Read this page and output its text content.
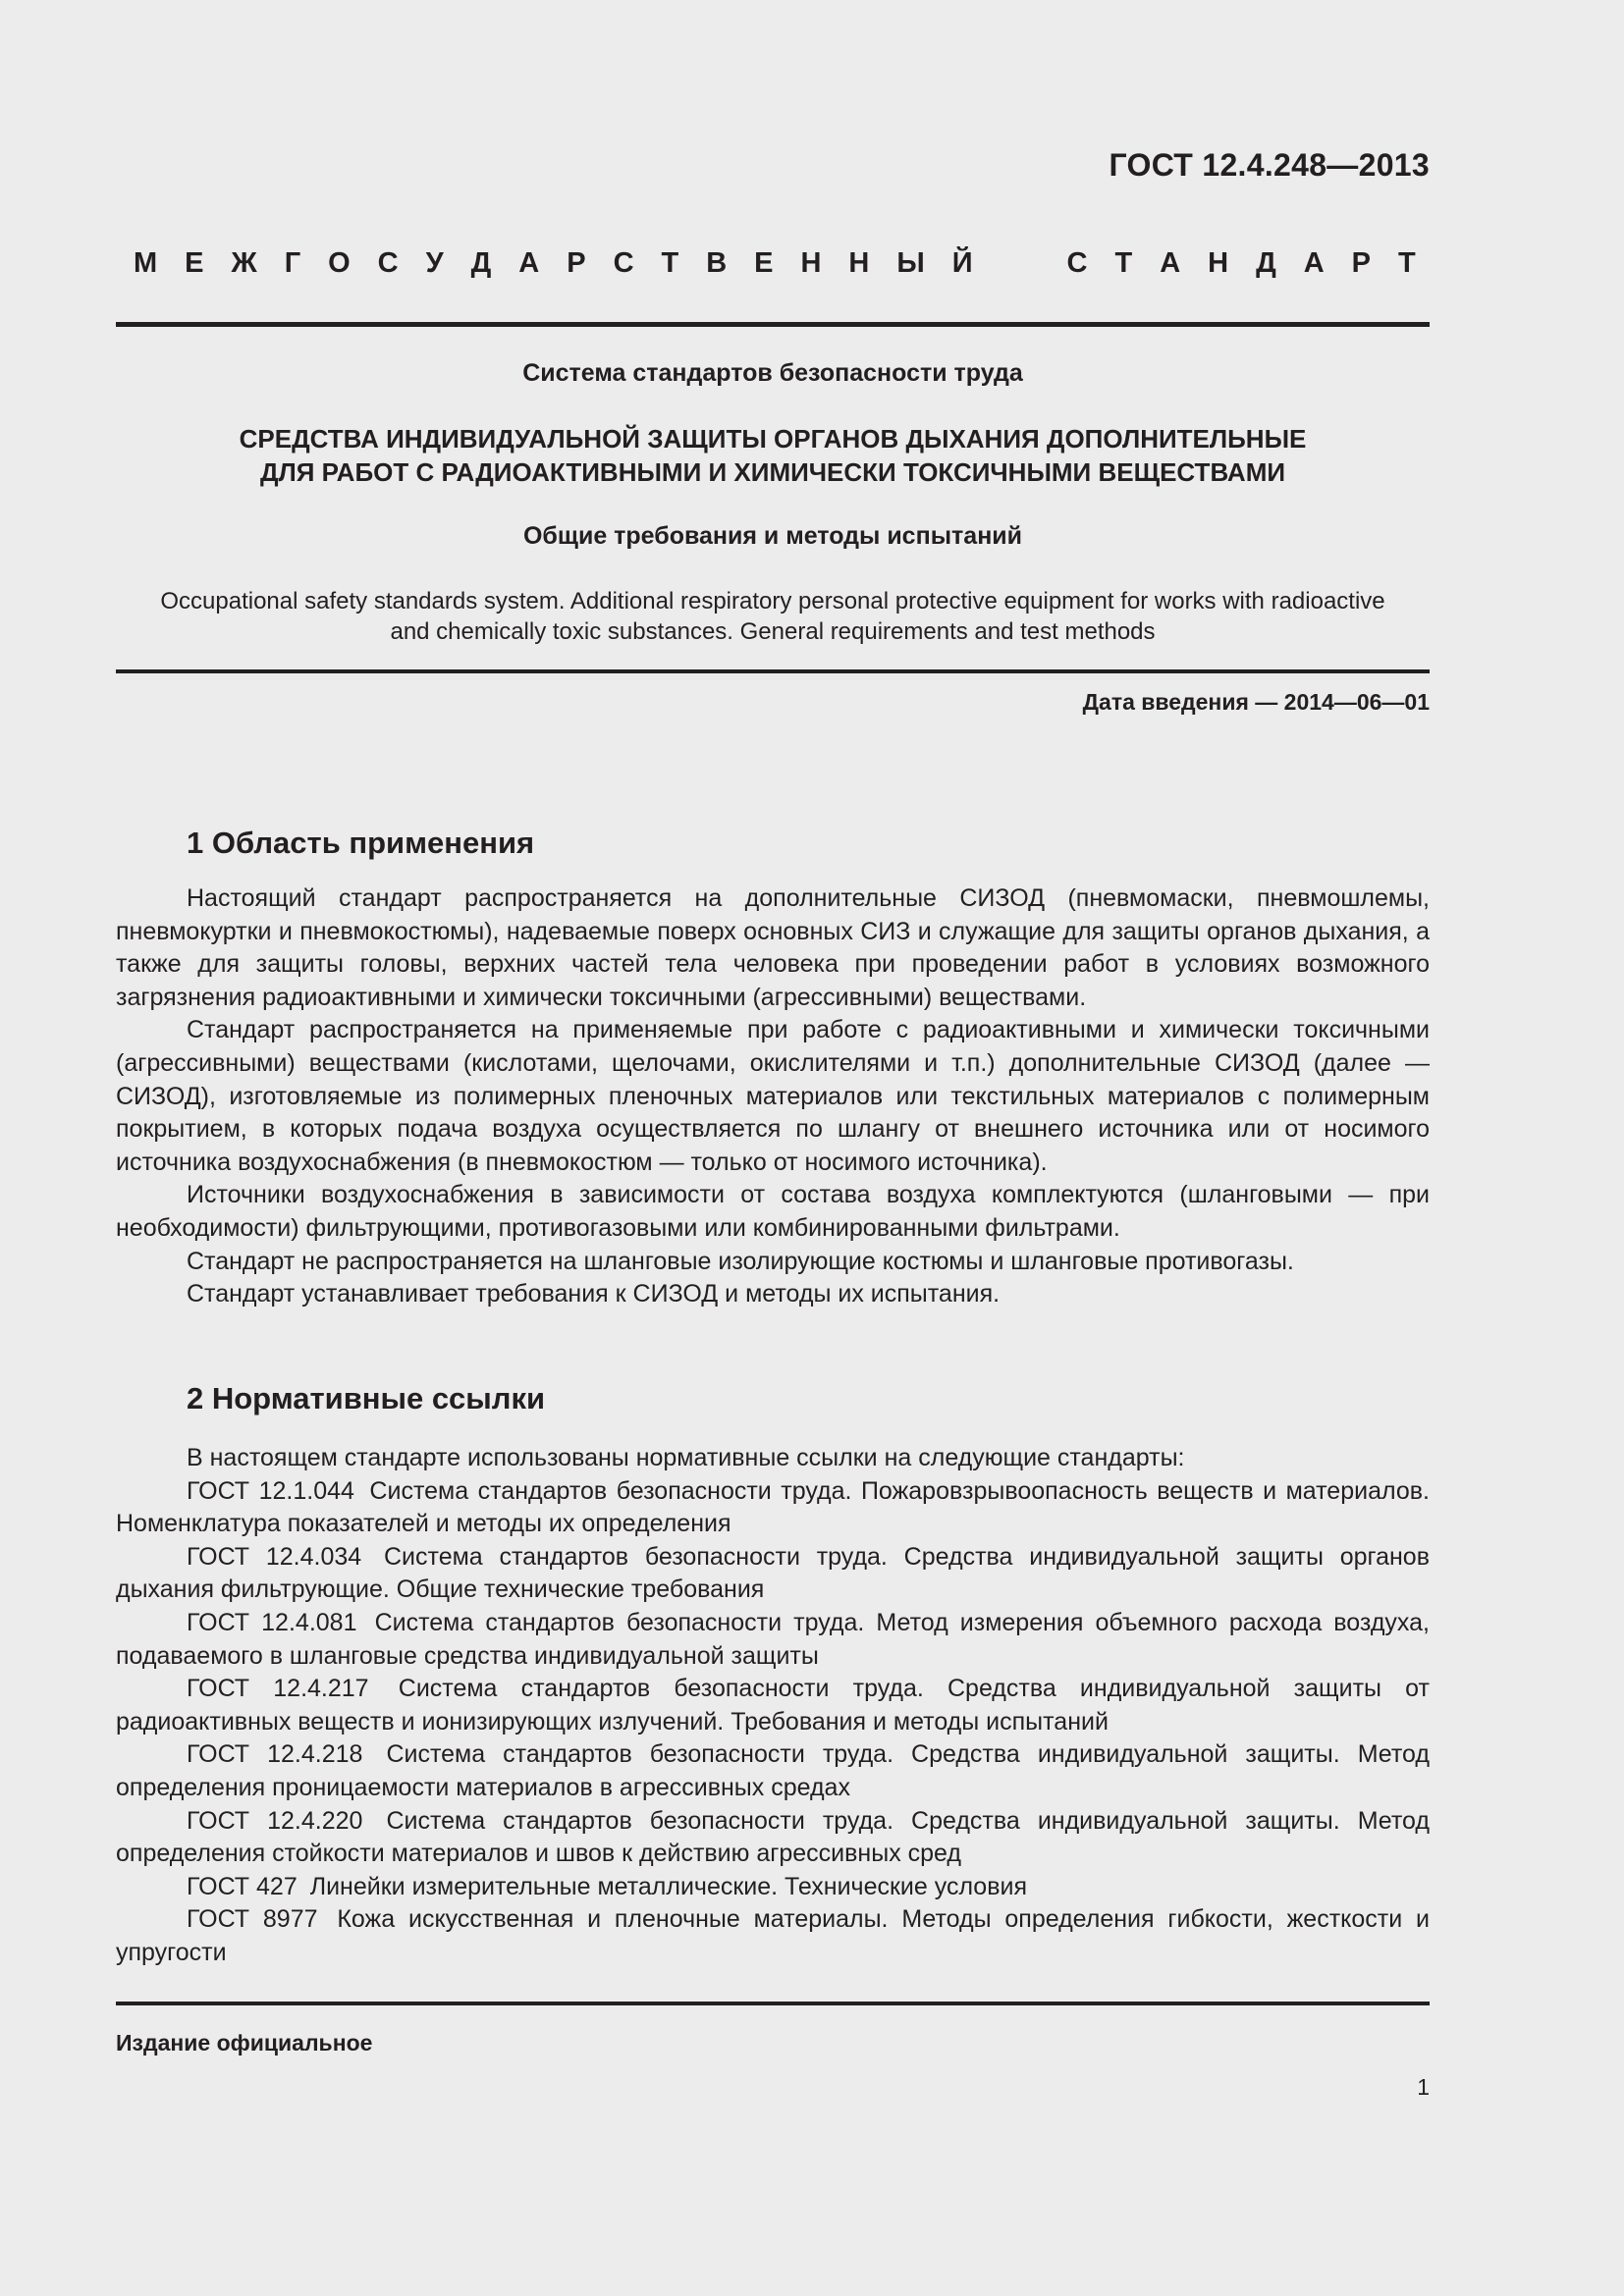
ГОСТ 12.4.248—2013
М Е Ж Г О С У Д А Р С Т В Е Н Н Ы Й	С Т А Н Д А Р Т
Система стандартов безопасности труда
СРЕДСТВА ИНДИВИДУАЛЬНОЙ ЗАЩИТЫ ОРГАНОВ ДЫХАНИЯ ДОПОЛНИТЕЛЬНЫЕ
ДЛЯ РАБОТ С РАДИОАКТИВНЫМИ И ХИМИЧЕСКИ ТОКСИЧНЫМИ ВЕЩЕСТВАМИ
Общие требования и методы испытаний
Occupational safety standards system. Additional respiratory personal protective equipment for works with radioactive
and chemically toxic substances. General requirements and test methods
Дата введения — 2014—06—01
1 Область применения

Настоящий стандарт распространяется на дополнительные СИЗОД (пневмомаски, пневмошлемы, пневмокуртки и пневмокостюмы), надеваемые поверх основных СИЗ и служащие для защиты органов дыхания, а также для защиты головы, верхних частей тела человека при проведении работ в условиях возможного загрязнения радиоактивными и химически токсичными (агрессивными) веществами.

Стандарт распространяется на применяемые при работе с радиоактивными и химически токсичными (агрессивными) веществами (кислотами, щелочами, окислителями и т.п.) дополнительные СИЗОД (далее — СИЗОД), изготовляемые из полимерных пленочных материалов или текстильных материалов с полимерным покрытием, в которых подача воздуха осуществляется по шлангу от внешнего источника или от носимого источника воздухоснабжения (в пневмокостюм — только от носимого источника).

Источники воздухоснабжения в зависимости от состава воздуха комплектуются (шланговыми — при необходимости) фильтрующими, противогазовыми или комбинированными фильтрами.

Стандарт не распространяется на шланговые изолирующие костюмы и шланговые противогазы.

Стандарт устанавливает требования к СИЗОД и методы их испытания.

2 Нормативные ссылки

В настоящем стандарте использованы нормативные ссылки на следующие стандарты:

ГОСТ 12.1.044 Система стандартов безопасности труда. Пожаровзрывоопасность веществ и материалов. Номенклатура показателей и методы их определения

ГОСТ 12.4.034 Система стандартов безопасности труда. Средства индивидуальной защиты органов дыхания фильтрующие. Общие технические требования

ГОСТ 12.4.081 Система стандартов безопасности труда. Метод измерения объемного расхода воздуха, подаваемого в шланговые средства индивидуальной защиты

ГОСТ 12.4.217 Система стандартов безопасности труда. Средства индивидуальной защиты от радиоактивных веществ и ионизирующих излучений. Требования и методы испытаний

ГОСТ 12.4.218 Система стандартов безопасности труда. Средства индивидуальной защиты. Метод определения проницаемости материалов в агрессивных средах

ГОСТ 12.4.220 Система стандартов безопасности труда. Средства индивидуальной защиты. Метод определения стойкости материалов и швов к действию агрессивных сред

ГОСТ 427 Линейки измерительные металлические. Технические условия

ГОСТ 8977 Кожа искусственная и пленочные материалы. Методы определения гибкости, жесткости и упругости

Издание официальное
1
